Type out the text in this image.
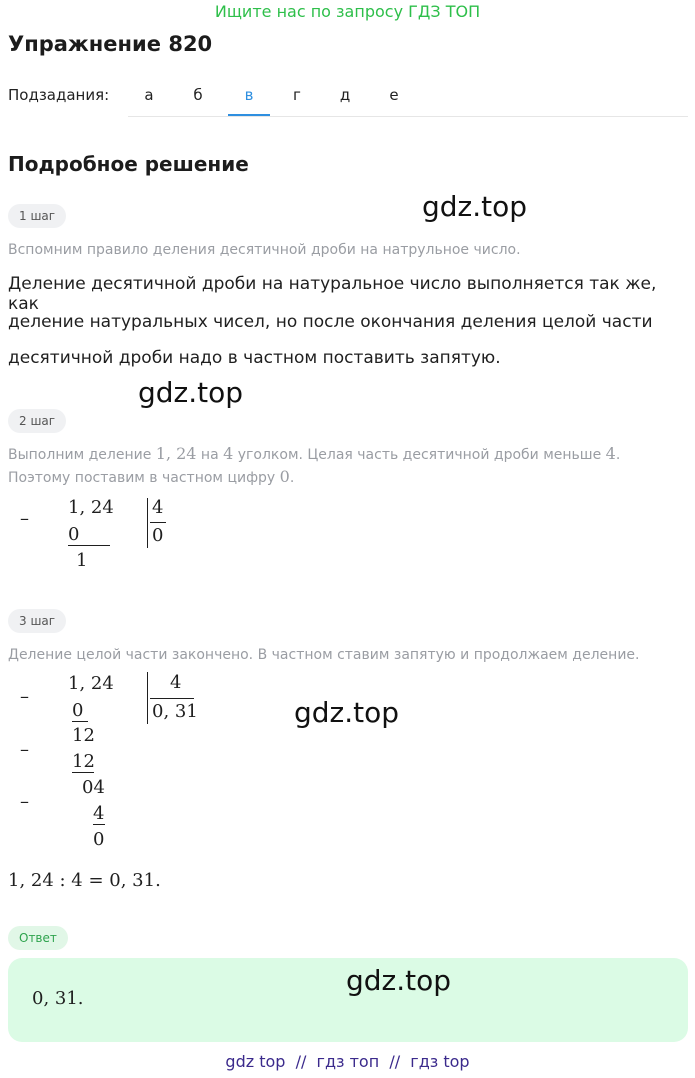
Ищите нас по запросу ГДЗ ТОП
Упражнение 820
Подзадания:	а	б	в	г	д	е
Подробное решение
1 шаг	gdz.top
Вспомним правило деления десятичной дроби на натрульное число.
Деление десятичной дроби на натуральное число выполняется так же, как
деление натуральных чисел, но после окончания деления целой части
десятичной дроби надо в частном поставить запятую.
gdz.top
2 шаг
Выполним деление 1, 24 на 4 уголком. Целая часть десятичной дроби меньше 4.
Поэтому поставим в частном цифру 0.
–
1, 24 4
0
0
1
3 шаг
Деление целой части закончено. В частном ставим запятую и продолжаем деление.
–
–
–
1, 24	4
0, 31
0
12
12
04
4
0
gdz.top
1, 24 : 4 = 0, 31.
Ответ
0, 31.
gdz.top
gdz top  //  гдз топ  //  гдз top
